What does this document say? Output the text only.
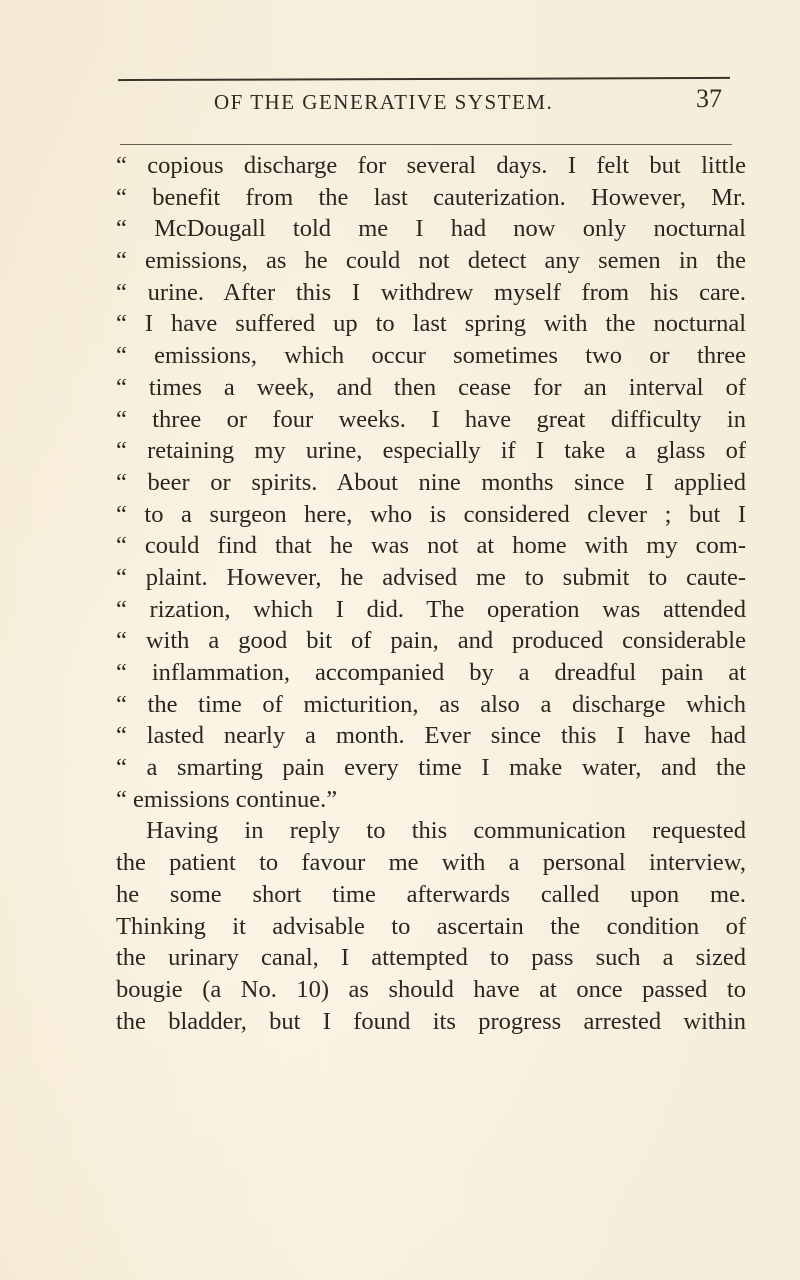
OF THE GENERATIVE SYSTEM.	37
“ copious discharge for several days. I felt but little
“ benefit from the last cauterization. However, Mr.
“ McDougall told me I had now only nocturnal
“ emissions, as he could not detect any semen in the
“ urine. After this I withdrew myself from his care.
“ I have suffered up to last spring with the nocturnal
“ emissions, which occur sometimes two or three
“ times a week, and then cease for an interval of
“ three or four weeks. I have great difficulty in
“ retaining my urine, especially if I take a glass of
“ beer or spirits. About nine months since I applied
“ to a surgeon here, who is considered clever ; but I
“ could find that he was not at home with my com-
“ plaint. However, he advised me to submit to caute-
“ rization, which I did. The operation was attended
“ with a good bit of pain, and produced considerable
“ inflammation, accompanied by a dreadful pain at
“ the time of micturition, as also a discharge which
“ lasted nearly a month. Ever since this I have had
“ a smarting pain every time I make water, and the
“ emissions continue.”
Having in reply to this communication requested
the patient to favour me with a personal interview,
he some short time afterwards called upon me.
Thinking it advisable to ascertain the condition of
the urinary canal, I attempted to pass such a sized
bougie (a No. 10) as should have at once passed to
the bladder, but I found its progress arrested within
